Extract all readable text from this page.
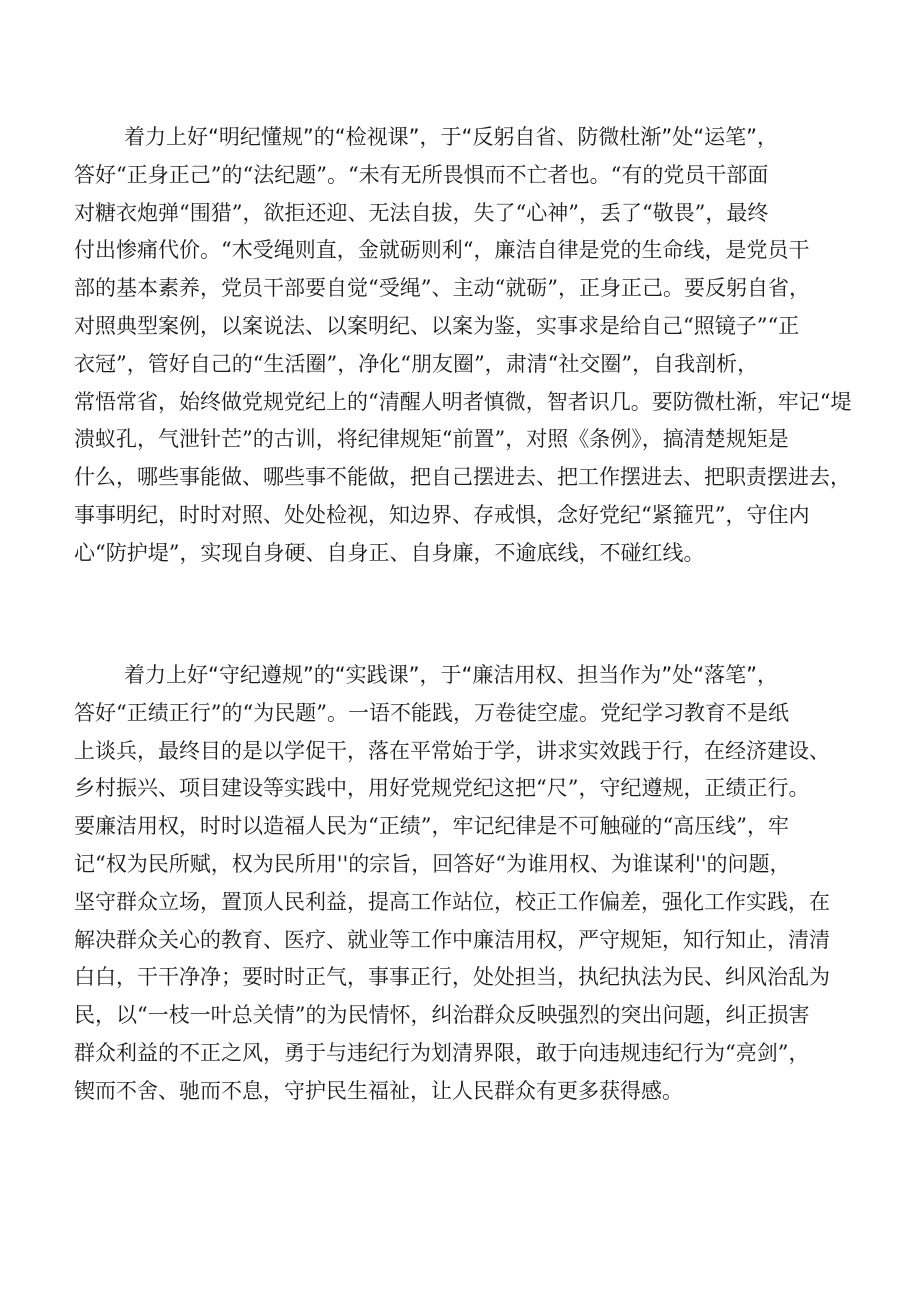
着力上好“明纪懂规”的“检视课”，于“反躬自省、防微杜渐”处“运笔”，
答好“正身正己”的“法纪题”。“未有无所畏惧而不亡者也。“有的党员干部面
对糖衣炮弹“围猎”，欲拒还迎、无法自拔，失了“心神”，丢了“敬畏”，最终
付出惨痛代价。“木受绳则直，金就砺则利“，廉洁自律是党的生命线，是党员干
部的基本素养，党员干部要自觉“受绳”、主动“就砺”，正身正己。要反躬自省，
对照典型案例，以案说法、以案明纪、以案为鉴，实事求是给自己“照镜子”“正
衣冠”，管好自己的“生活圈”，净化“朋友圈”，肃清“社交圈”，自我剖析，
常悟常省，始终做党规党纪上的“清醒人明者慎微，智者识几。要防微杜渐，牢记“堤
溃蚁孔，气泄针芒”的古训，将纪律规矩“前置”，对照《条例》，搞清楚规矩是
什么，哪些事能做、哪些事不能做，把自己摆进去、把工作摆进去、把职责摆进去，
事事明纪，时时对照、处处检视，知边界、存戒惧，念好党纪“紧箍咒”，守住内
心“防护堤”，实现自身硬、自身正、自身廉，不逾底线，不碰红线。
着力上好“守纪遵规”的“实践课”，于“廉洁用权、担当作为”处“落笔”，
答好“正绩正行”的“为民题”。一语不能践，万卷徒空虚。党纪学习教育不是纸
上谈兵，最终目的是以学促干，落在平常始于学，讲求实效践于行，在经济建设、
乡村振兴、项目建设等实践中，用好党规党纪这把“尺”，守纪遵规，正绩正行。
要廉洁用权，时时以造福人民为“正绩”，牢记纪律是不可触碰的“高压线”，牢
记“权为民所赋，权为民所用''的宗旨，回答好“为谁用权、为谁谋利''的问题，
坚守群众立场，置顶人民利益，提高工作站位，校正工作偏差，强化工作实践，在
解决群众关心的教育、医疗、就业等工作中廉洁用权，严守规矩，知行知止，清清
白白，干干净净；要时时正气，事事正行，处处担当，执纪执法为民、纠风治乱为
民，以“一枝一叶总关情”的为民情怀，纠治群众反映强烈的突出问题，纠正损害
群众利益的不正之风，勇于与违纪行为划清界限，敢于向违规违纪行为“亮剑”，
锲而不舍、驰而不息，守护民生福祉，让人民群众有更多获得感。
